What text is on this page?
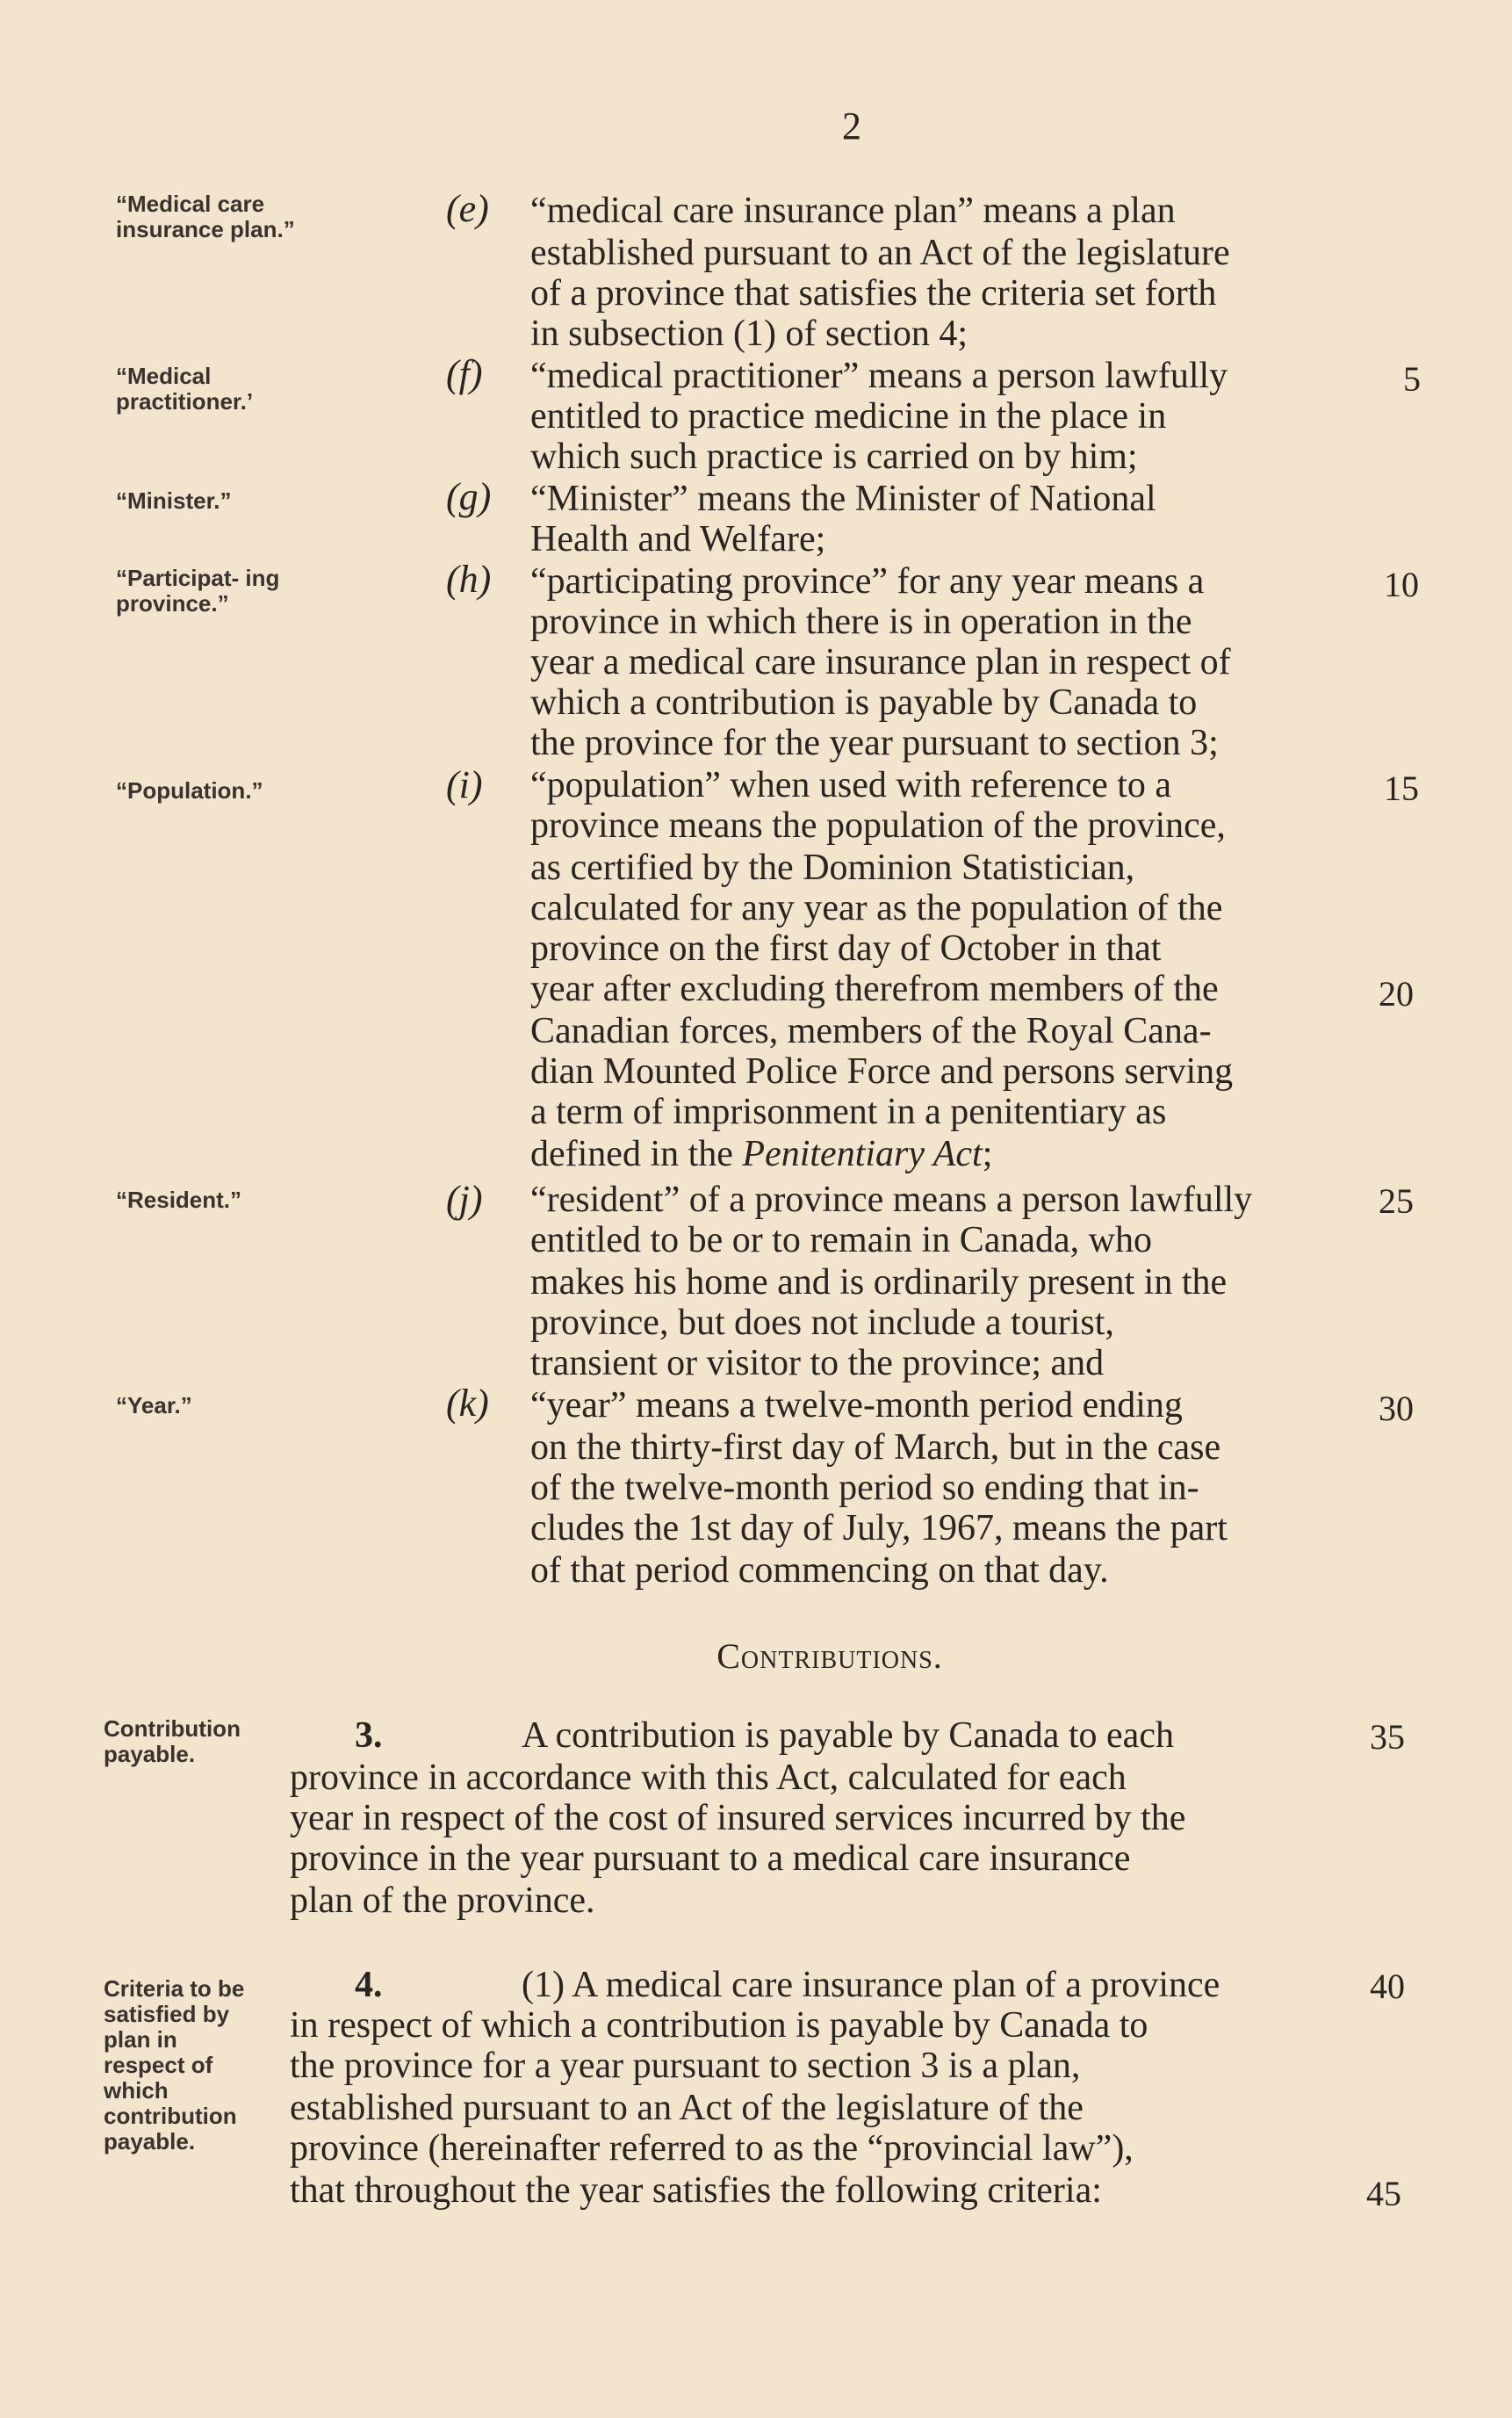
2
“Medical care insurance plan.”
“Medical practitioner.’
“Minister.”
“Participat- ing province.”
“Population.”
“Resident.”
“Year.”
Contribution payable.
Criteria to be satisfied by plan in respect of which contribution payable.
(e)
(f)
(g)
(h)
(i)
(j)
(k)
“medical care insurance plan” means a plan
established pursuant to an Act of the legislature
of a province that satisfies the criteria set forth
in subsection (1) of section 4;
“medical practitioner” means a person lawfully
entitled to practice medicine in the place in
which such practice is carried on by him;
“Minister” means the Minister of National
Health and Welfare;
“participating province” for any year means a
province in which there is in operation in the
year a medical care insurance plan in respect of
which a contribution is payable by Canada to
the province for the year pursuant to section 3;
“population” when used with reference to a
province means the population of the province,
as certified by the Dominion Statistician,
calculated for any year as the population of the
province on the first day of October in that
year after excluding therefrom members of the
Canadian forces, members of the Royal Cana-
dian Mounted Police Force and persons serving
a term of imprisonment in a penitentiary as
defined in the Penitentiary Act;
“resident” of a province means a person lawfully
entitled to be or to remain in Canada, who
makes his home and is ordinarily present in the
province, but does not include a tourist,
transient or visitor to the province; and
“year” means a twelve-month period ending
on the thirty-first day of March, but in the case
of the twelve-month period so ending that in-
cludes the 1st day of July, 1967, means the part
of that period commencing on that day.
Contributions.
3.	A contribution is payable by Canada to each
province in accordance with this Act, calculated for each
year in respect of the cost of insured services incurred by the
province in the year pursuant to a medical care insurance
plan of the province.
4.	(1) A medical care insurance plan of a province
in respect of which a contribution is payable by Canada to
the province for a year pursuant to section 3 is a plan,
established pursuant to an Act of the legislature of the
province (hereinafter referred to as the “provincial law”),
that throughout the year satisfies the following criteria:
5
10
15
20
25
30
35
40
45
